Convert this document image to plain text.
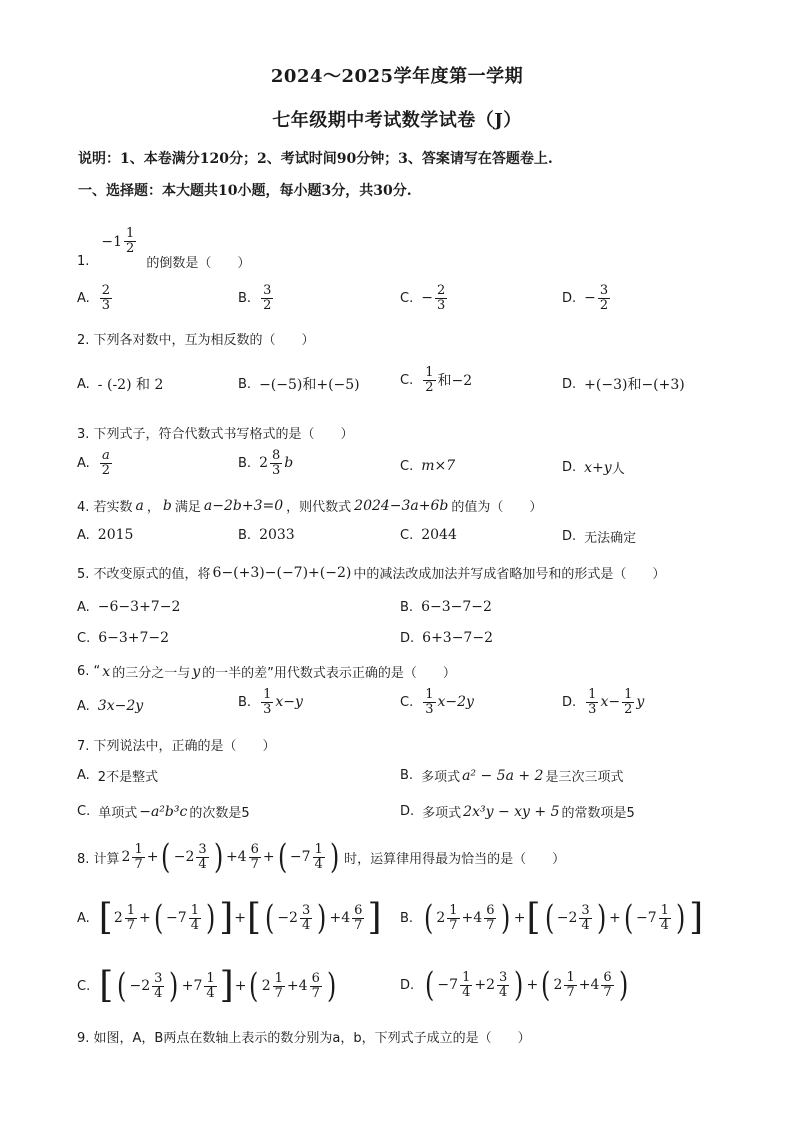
2024～2025学年度第一学期
七年级期中考试数学试卷（J）
说明：1、本卷满分120分；2、考试时间90分钟；3、答案请写在答题卷上.
一、选择题：本大题共10小题，每小题3分，共30分.
1.
$-1 \frac{1}{2}$
的倒数是（　　）
A. $\frac{2}{3}$	B. $\frac{3}{2}$	C. − $\frac{2}{3}$	D. − $\frac{3}{2}$
2. 下列各对数中，互为相反数的（　　）
A. - (-2) 和 2	B. −(−5)和+(−5)	C. $\frac{1}{2}$ 和−2	D. +(−3)和−(+3)
3. 下列式子，符合代数式书写格式的是（　　）
A. $\frac{a}{2}$	B. $2 \frac{8}{3}$ b	C. m×7	D. x+y 人
4. 若实数 a ， b 满足 a−2b+3=0 ，则代数式 2024−3a+6b 的值为（　　）
A. 2015	B. 2033	C. 2044	D. 无法确定
5. 不改变原式的值，将 6−(+3)−(−7)+(−2) 中的减法改成加法并写成省略加号和的形式是（　　）
A. −6−3+7−2	B. 6−3−7−2
C. 6−3+7−2	D. 6+3−7−2
6. “ x 的三分之一与 y 的一半的差”用代数式表示正确的是（　　）
A. 3x−2y	B. $\frac{1}{3} x-y$	C. $\frac{1}{3} x-2y$	D. $\frac{1}{3} x- \frac{1}{2}$ y
7. 下列说法中，正确的是（　　）
A. 2不是整式	B. 多项式 a² − 5a + 2 是三次三项式
C. 单项式 −a²b³c 的次数是5	D. 多项式 2x³y − xy + 5 的常数项是5
8. 计算 $2 \frac{1}{7}$ + ( $-2 \frac{3}{4}$ ) + $4 \frac{6}{7}$ + ( $-7 \frac{1}{4}$ ) 时，运算律用得最为恰当的是（　　）
A. [ $2 \frac{1}{7}$ + ( $-7 \frac{1}{4}$ ) ] + [ ( $-2 \frac{3}{4}$ ) + $4 \frac{6}{7}$ ] B. ( $2 \frac{1}{7} + 4 \frac{6}{7}$ ) + [ ( $-2 \frac{3}{4}$ ) + ( $-7 \frac{1}{4}$ ) ]
C. [ ( $-2 \frac{3}{4}$ ) + $7 \frac{1}{4}$ ] + ( $2 \frac{1}{7} + 4 \frac{6}{7}$ )	D. ( $-7 \frac{1}{4} + 2 \frac{3}{4}$ ) + ( $2 \frac{1}{7} + 4 \frac{6}{7}$ )
9. 如图，A，B两点在数轴上表示的数分别为a，b，下列式子成立的是（　　）
